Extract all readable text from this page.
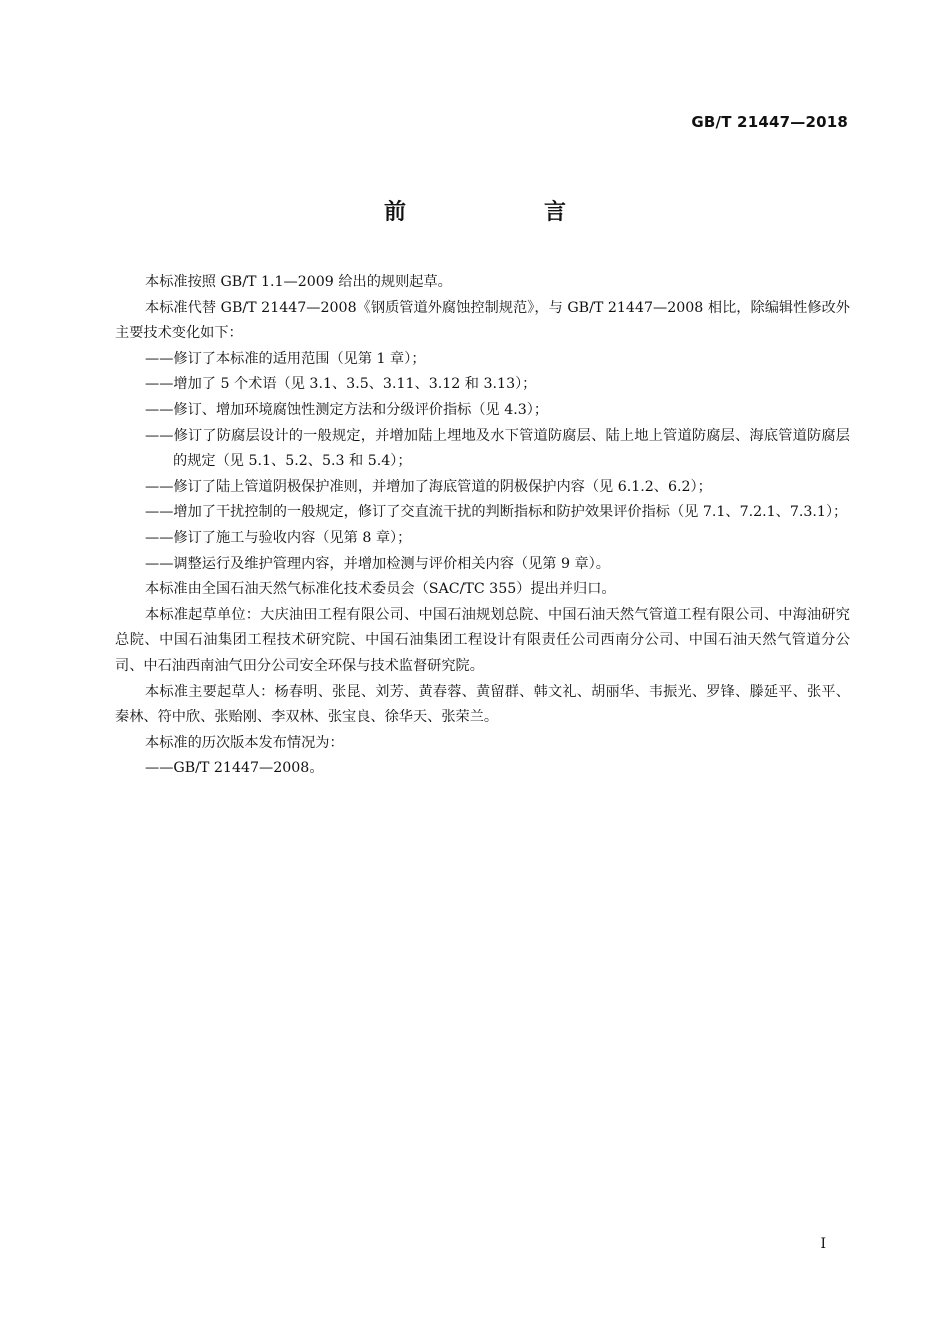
GB/T 21447—2018
前　言

本标准按照 GB/T 1.1—2009 给出的规则起草。

本标准代替 GB/T 21447—2008《钢质管道外腐蚀控制规范》，与 GB/T 21447—2008 相比，除编辑性修改外主要技术变化如下：

——修订了本标准的适用范围（见第 1 章）；

——增加了 5 个术语（见 3.1、3.5、3.11、3.12 和 3.13）；

——修订、增加环境腐蚀性测定方法和分级评价指标（见 4.3）；

——修订了防腐层设计的一般规定，并增加陆上埋地及水下管道防腐层、陆上地上管道防腐层、海底管道防腐层的规定（见 5.1、5.2、5.3 和 5.4）；

——修订了陆上管道阴极保护准则，并增加了海底管道的阴极保护内容（见 6.1.2、6.2）；

——增加了干扰控制的一般规定，修订了交直流干扰的判断指标和防护效果评价指标（见 7.1、7.2.1、7.3.1）；

——修订了施工与验收内容（见第 8 章）；

——调整运行及维护管理内容，并增加检测与评价相关内容（见第 9 章）。

本标准由全国石油天然气标准化技术委员会（SAC/TC 355）提出并归口。

本标准起草单位：大庆油田工程有限公司、中国石油规划总院、中国石油天然气管道工程有限公司、中海油研究总院、中国石油集团工程技术研究院、中国石油集团工程设计有限责任公司西南分公司、中国石油天然气管道分公司、中石油西南油气田分公司安全环保与技术监督研究院。

本标准主要起草人：杨春明、张昆、刘芳、黄春蓉、黄留群、韩文礼、胡丽华、韦振光、罗锋、滕延平、张平、秦林、符中欣、张贻刚、李双林、张宝良、徐华天、张荣兰。

本标准的历次版本发布情况为：

——GB/T 21447—2008。

I
